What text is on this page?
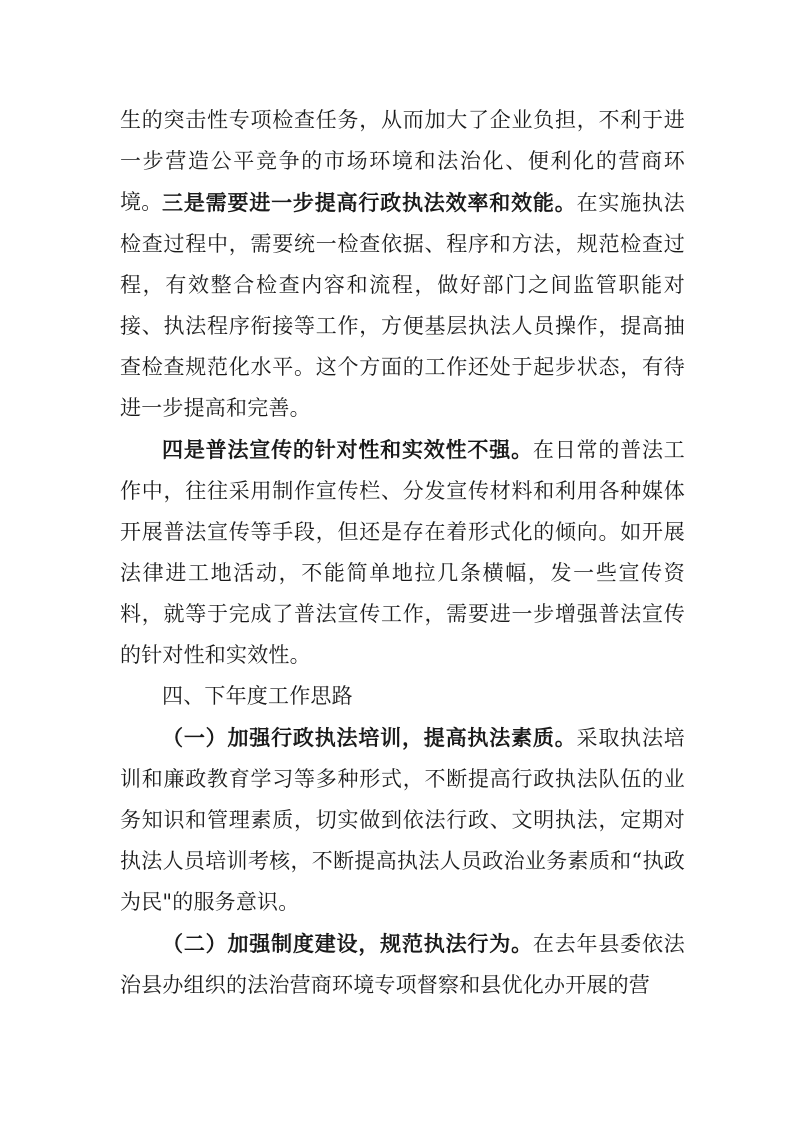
生的突击性专项检查任务，从而加大了企业负担，不利于进一步营造公平竞争的市场环境和法治化、便利化的营商环境。 三是需要进一步提高行政执法效率和效能。在实施执法检查过程中，需要统一检查依据、程序和方法，规范检查过程，有效整合检查内容和流程，做好部门之间监管职能对接、执法程序衔接等工作，方便基层执法人员操作，提高抽查检查规范化水平。这个方面的工作还处于起步状态，有待进一步提高和完善。

四是普法宣传的针对性和实效性不强。在日常的普法工作中，往往采用制作宣传栏、分发宣传材料和利用各种媒体开展普法宣传等手段，但还是存在着形式化的倾向。如开展法律进工地活动，不能简单地拉几条横幅，发一些宣传资料，就等于完成了普法宣传工作，需要进一步增强普法宣传的针对性和实效性。

四、下年度工作思路

（一）加强行政执法培训，提高执法素质。采取执法培训和廉政教育学习等多种形式，不断提高行政执法队伍的业务知识和管理素质，切实做到依法行政、文明执法，定期对执法人员培训考核，不断提高执法人员政治业务素质和“执政为民"的服务意识。

（二）加强制度建设，规范执法行为。在去年县委依法治县办组织的法治营商环境专项督察和县优化办开展的营
